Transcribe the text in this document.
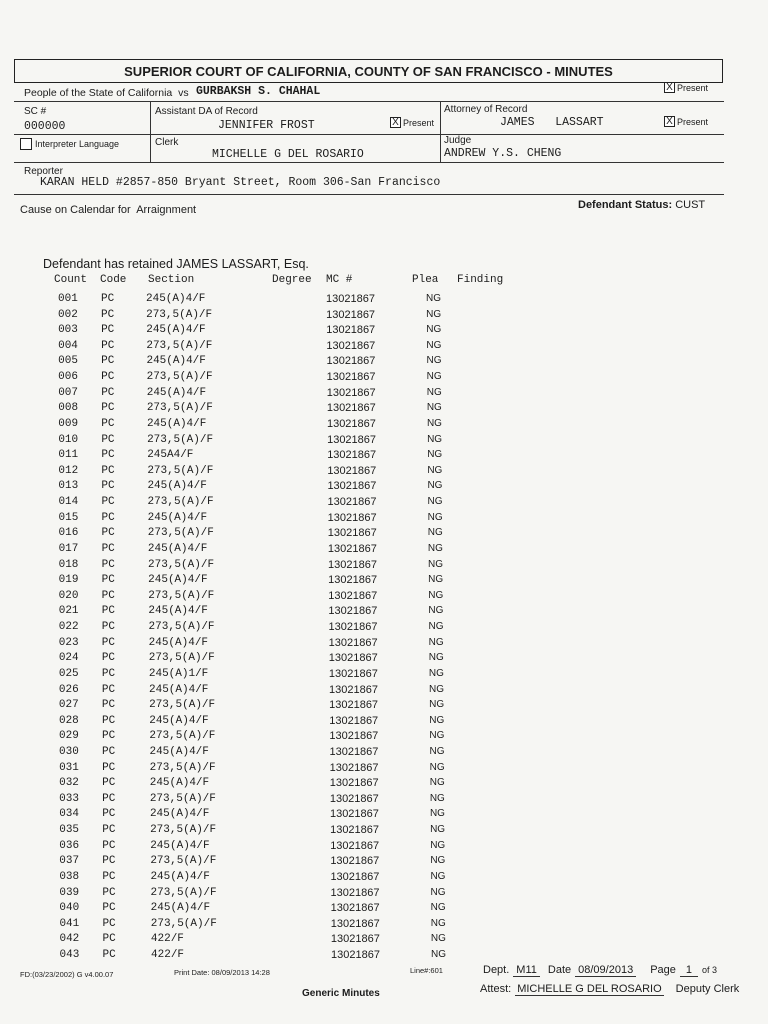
SUPERIOR COURT OF CALIFORNIA, COUNTY OF SAN FRANCISCO - MINUTES
People of the State of California vs GURBAKSH S. CHAHAL	X Present
SC #
000000
Assistant DA of Record
JENNIFER FROST	X Present
Attorney of Record
JAMES   LASSART	X Present
Interpreter Language	Clerk
MICHELLE G DEL ROSARIO
Judge
ANDREW Y.S. CHENG
Reporter
KARAN HELD #2857-850 Bryant Street, Room 306-San Francisco
Cause on Calendar for Arraignment	Defendant Status: CUST
Defendant has retained JAMES LASSART, Esq.
Count Code Section	Degree MC #	Plea Finding
001 PC	245(A)4/F	13021867	NG
002 PC	273,5(A)/F	13021867	NG
003 PC	245(A)4/F	13021867	NG
004 PC	273,5(A)/F	13021867	NG
005 PC	245(A)4/F	13021867	NG
006 PC	273,5(A)/F	13021867	NG
007 PC	245(A)4/F	13021867	NG
008 PC	273,5(A)/F	13021867	NG
009 PC	245(A)4/F	13021867	NG
010 PC	273,5(A)/F	13021867	NG
011 PC	245A4/F	13021867	NG
012 PC	273,5(A)/F	13021867	NG
013 PC	245(A)4/F	13021867	NG
014 PC	273,5(A)/F	13021867	NG
015 PC	245(A)4/F	13021867	NG
016 PC	273,5(A)/F	13021867	NG
017 PC	245(A)4/F	13021867	NG
018 PC	273,5(A)/F	13021867	NG
019 PC	245(A)4/F	13021867	NG
020 PC	273,5(A)/F	13021867	NG
021 PC	245(A)4/F	13021867	NG
022 PC	273,5(A)/F	13021867	NG
023 PC	245(A)4/F	13021867	NG
024 PC	273,5(A)/F	13021867	NG
025 PC	245(A)1/F	13021867	NG
026 PC	245(A)4/F	13021867	NG
027 PC	273,5(A)/F	13021867	NG
028 PC	245(A)4/F	13021867	NG
029 PC	273,5(A)/F	13021867	NG
030 PC	245(A)4/F	13021867	NG
031 PC	273,5(A)/F	13021867	NG
032 PC	245(A)4/F	13021867	NG
033 PC	273,5(A)/F	13021867	NG
034 PC	245(A)4/F	13021867	NG
035 PC	273,5(A)/F	13021867	NG
036 PC	245(A)4/F	13021867	NG
037 PC	273,5(A)/F	13021867	NG
038 PC	245(A)4/F	13021867	NG
039 PC	273,5(A)/F	13021867	NG
040 PC	245(A)4/F	13021867	NG
041 PC	273,5(A)/F	13021867	NG
042 PC	422/F	13021867	NG
043 PC	422/F	13021867	NG
FD:(03/23/2002) G v4.00.07	Print Date: 08/09/2013 14:28	Line#:601	Dept. M11 Date 08/09/2013 Page 1	of 3
Attest: MICHELLE G DEL ROSARIO Deputy Clerk
Generic Minutes
